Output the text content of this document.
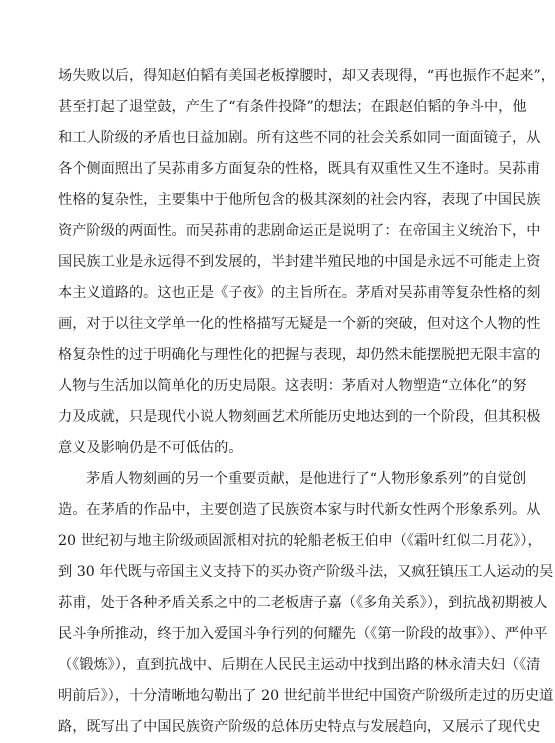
场失败以后，得知赵伯韬有美国老板撑腰时，却又表现得，“再也振作不起来”，
甚至打起了退堂鼓，产生了“有条件投降”的想法；在跟赵伯韬的争斗中，他
和工人阶级的矛盾也日益加剧。所有这些不同的社会关系如同一面面镜子，从
各个侧面照出了吴荪甫多方面复杂的性格，既具有双重性又生不逢时。吴荪甫
性格的复杂性，主要集中于他所包含的极其深刻的社会内容，表现了中国民族
资产阶级的两面性。而吴荪甫的悲剧命运正是说明了：在帝国主义统治下，中
国民族工业是永远得不到发展的，半封建半殖民地的中国是永远不可能走上资
本主义道路的。这也正是《子夜》的主旨所在。茅盾对吴荪甫等复杂性格的刻
画，对于以往文学单一化的性格描写无疑是一个新的突破，但对这个人物的性
格复杂性的过于明确化与理性化的把握与表现，却仍然未能摆脱把无限丰富的
人物与生活加以简单化的历史局限。这表明：茅盾对人物塑造“立体化”的努
力及成就，只是现代小说人物刻画艺术所能历史地达到的一个阶段，但其积极
意义及影响仍是不可低估的。
茅盾人物刻画的另一个重要贡献，是他进行了“人物形象系列”的自觉创
造。在茅盾的作品中，主要创造了民族资本家与时代新女性两个形象系列。从
20 世纪初与地主阶级顽固派相对抗的轮船老板王伯申（《霜叶红似二月花》），
到 30 年代既与帝国主义支持下的买办资产阶级斗法，又疯狂镇压工人运动的吴
荪甫，处于各种矛盾关系之中的二老板唐子嘉（《多角关系》），到抗战初期被人
民斗争所推动，终于加入爱国斗争行列的何耀先（《第一阶段的故事》）、严仲平
（《锻炼》），直到抗战中、后期在人民民主运动中找到出路的林永清夫妇（《清
明前后》），十分清晰地勾勒出了 20 世纪前半世纪中国资产阶级所走过的历史道
路，既写出了中国民族资产阶级的总体历史特点与发展趋向，又展示了现代史
